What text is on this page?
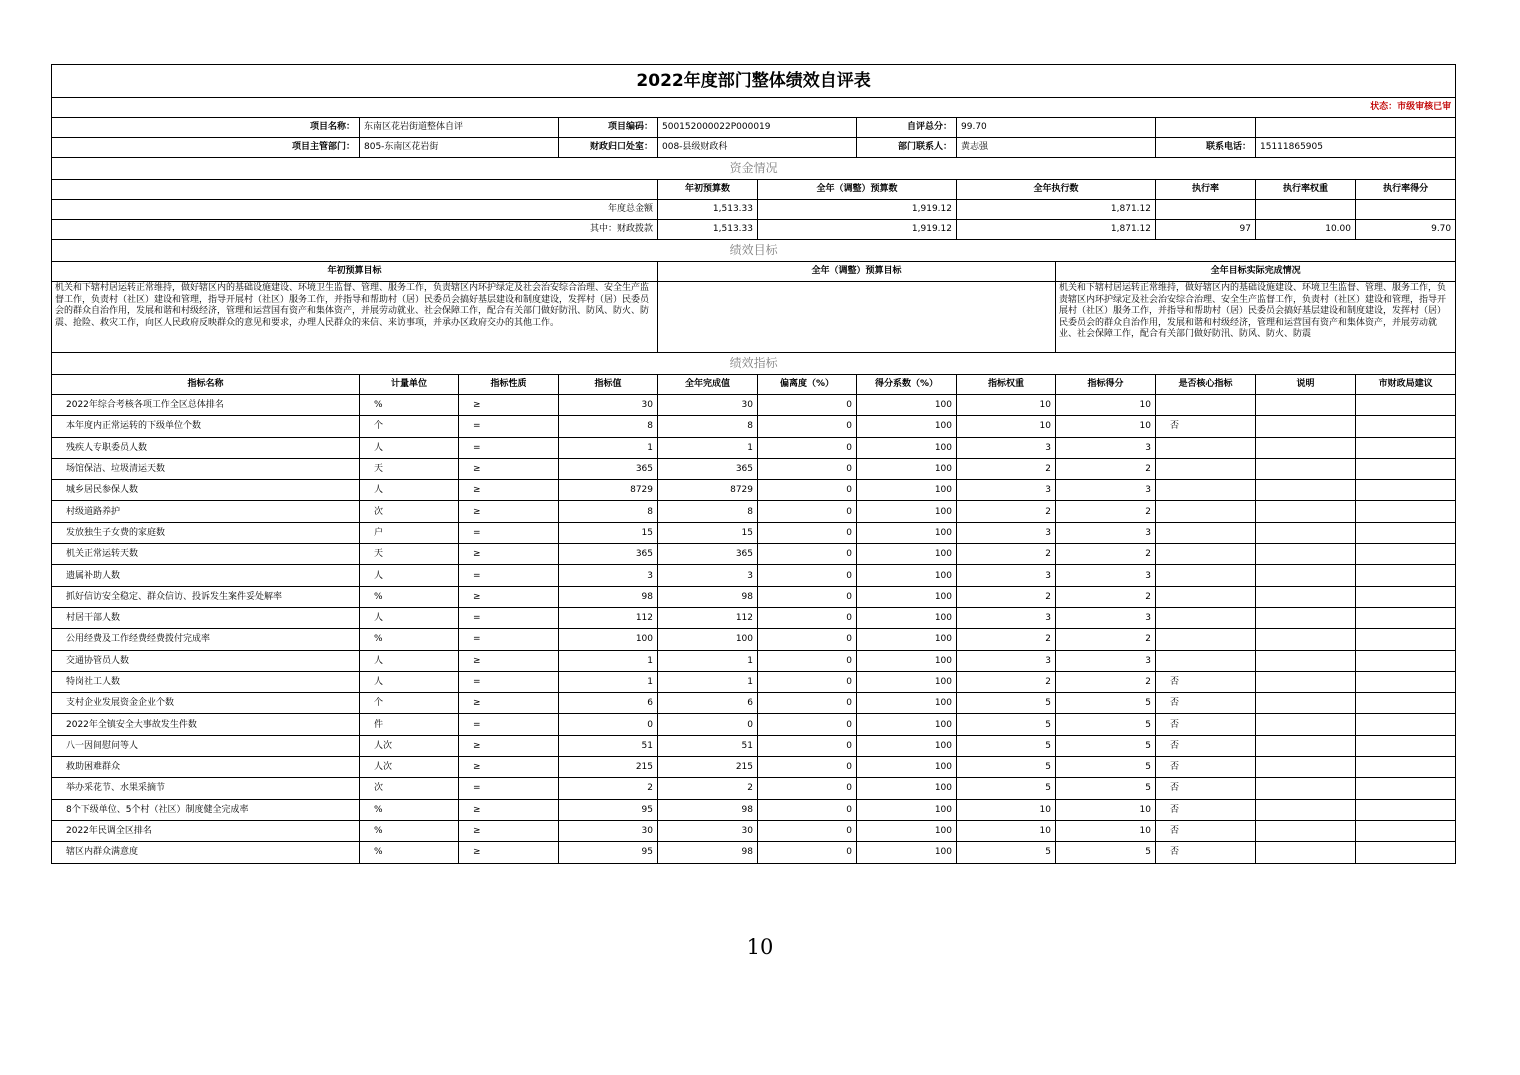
2022年度部门整体绩效自评表											
状态：市级审核已审											
项目名称：	东南区花岩街道整体自评		项目编码：	500152000022P000019		自评总分：	99.70				
项目主管部门：	805-东南区花岩街		财政归口处室：	008-县级财政科		部门联系人：	黄志强		联系电话：	15111865905	
资金情况											
				年初预算数	全年（调整）预算数		全年执行数		执行率	执行率权重	执行率得分
年度总金额				1,513.33	1,919.12		1,871.12				
其中：财政拨款				1,513.33	1,919.12		1,871.12		97	10.00	9.70
绩效目标											
年初预算目标				全年（调整）预算目标				全年目标实际完成情况			
机关和下辖村居运转正常维持，做好辖区内的基础设施建设、环境卫生监督、管理、服务工作，负责辖区内环护绿定及社会治安综合治理、安全生产监督工作，负责村（社区）建设和管理，指导开展村（社区）服务工作，并指导和帮助村（居）民委员会搞好基层建设和制度建设，发挥村（居）民委员会的群众自治作用，发展和谐和村级经济，管理和运营国有资产和集体资产，并展劳动就业、社会保障工作，配合有关部门做好防汛、防风、防火、防震、抢险、救灾工作，向区人民政府反映群众的意见和要求，办理人民群众的来信、来访事项，并承办区政府交办的其他工作。								机关和下辖村居运转正常维持，做好辖区内的基础设施建设、环境卫生监督、管理、服务工作，负责辖区内环护绿定及社会治安综合治理、安全生产监督工作，负责村（社区）建设和管理，指导开展村（社区）服务工作，并指导和帮助村（居）民委员会搞好基层建设和制度建设，发挥村（居）民委员会的群众自治作用，发展和谐和村级经济，管理和运营国有资产和集体资产，并展劳动就业、社会保障工作，配合有关部门做好防汛、防风、防火、防震			
绩效指标											
指标名称	计量单位	指标性质	指标值	全年完成值	偏离度（%）	得分系数（%）	指标权重	指标得分	是否核心指标	说明	市财政局建议
2022年综合考核各项工作全区总体排名	%	≥	30	30	0	100	10	10			
本年度内正常运转的下级单位个数	个	=	8	8	0	100	10	10	否		
残疾人专职委员人数	人	=	1	1	0	100	3	3			
场馆保洁、垃圾清运天数	天	≥	365	365	0	100	2	2			
城乡居民参保人数	人	≥	8729	8729	0	100	3	3			
村级道路养护	次	≥	8	8	0	100	2	2			
发放独生子女费的家庭数	户	=	15	15	0	100	3	3			
机关正常运转天数	天	≥	365	365	0	100	2	2			
遗属补助人数	人	=	3	3	0	100	3	3			
抓好信访安全稳定、群众信访、投诉发生案件妥处解率	%	≥	98	98	0	100	2	2			
村居干部人数	人	=	112	112	0	100	3	3			
公用经费及工作经费经费拨付完成率	%	=	100	100	0	100	2	2			
交通协管员人数	人	≥	1	1	0	100	3	3			
特岗社工人数	人	=	1	1	0	100	2	2	否		
支村企业发展资金企业个数	个	≥	6	6	0	100	5	5	否		
2022年全镇安全大事故发生件数	件	=	0	0	0	100	5	5	否		
八一因间慰问等人	人次	≥	51	51	0	100	5	5	否		
救助困难群众	人次	≥	215	215	0	100	5	5	否		
举办采花节、水果采摘节	次	=	2	2	0	100	5	5	否		
8个下级单位、5个村（社区）制度健全完成率	%	≥	95	98	0	100	10	10	否		
2022年民调全区排名	%	≥	30	30	0	100	10	10	否		
辖区内群众满意度	%	≥	95	98	0	100	5	5	否		
10
